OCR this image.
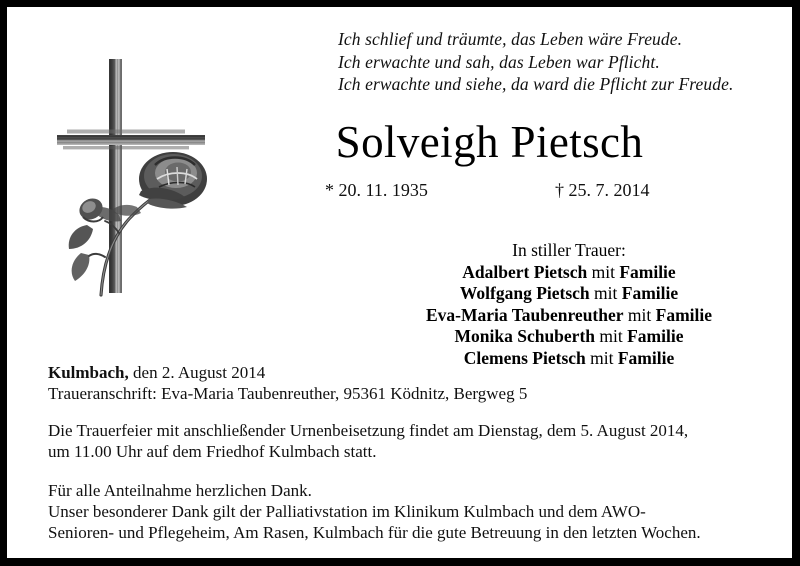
Ich schlief und träumte, das Leben wäre Freude.
Ich erwachte und sah, das Leben war Pflicht.
Ich erwachte und siehe, da ward die Pflicht zur Freude.
Solveigh Pietsch
* 20. 11. 1935	† 25. 7. 2014
In stiller Trauer:
Adalbert Pietsch mit Familie
Wolfgang Pietsch mit Familie
Eva-Maria Taubenreuther mit Familie
Monika Schuberth mit Familie
Clemens Pietsch mit Familie
Kulmbach, den 2. August 2014
Traueranschrift: Eva-Maria Taubenreuther, 95361 Ködnitz, Bergweg 5
Die Trauerfeier mit anschließender Urnenbeisetzung findet am Dienstag, dem 5. August 2014,
um 11.00 Uhr auf dem Friedhof Kulmbach statt.
Für alle Anteilnahme herzlichen Dank.
Unser besonderer Dank gilt der Palliativstation im Klinikum Kulmbach und dem AWO-
Senioren- und Pflegeheim, Am Rasen, Kulmbach für die gute Betreuung in den letzten Wochen.
